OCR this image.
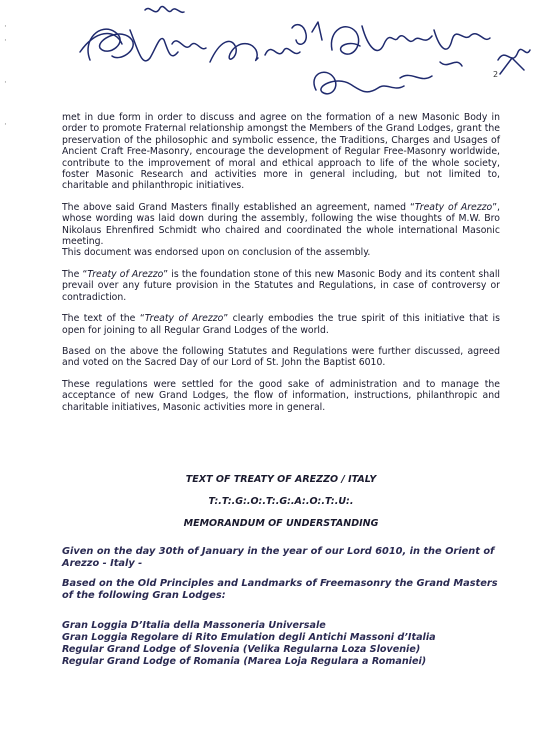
2
·
·

·

·

met in due form in order to discuss and agree on the formation of a new Masonic Body in order to promote Fraternal relationship amongst the Members of the Grand Lodges, grant the preservation of the philosophic and symbolic essence, the Traditions, Charges and Usages of Ancient Craft Free-Masonry, encourage the development of Regular Free-Masonry worldwide, contribute to the improvement of moral and ethical approach to life of the whole society, foster Masonic Research and activities more in general including, but not limited to, charitable and philanthropic initiatives.

The above said Grand Masters finally established an agreement, named “Treaty of Arezzo”, whose wording was laid down during the assembly, following the wise thoughts of M.W. Bro Nikolaus Ehrenfired Schmidt who chaired and coordinated the whole international Masonic meeting.

This document was endorsed upon on conclusion of the assembly.

The “Treaty of Arezzo” is the foundation stone of this new Masonic Body and its content shall prevail over any future provision in the Statutes and Regulations, in case of controversy or contradiction.

The text of the “Treaty of Arezzo” clearly embodies the true spirit of this initiative that is open for joining to all Regular Grand Lodges of the world.

Based on the above the following Statutes and Regulations were further discussed, agreed and voted on the Sacred Day of our Lord of St. John the Baptist 6010.

These regulations were settled for the good sake of administration and to manage the acceptance of new Grand Lodges, the flow of information, instructions, philanthropic and charitable initiatives, Masonic activities more in general.

TEXT OF TREATY OF AREZZO / ITALY
T:.T:.G:.O:.T:.G:.A:.O:.T:.U:.
MEMORANDUM OF UNDERSTANDING

Given on the day 30th of January in the year of our Lord 6010, in the Orient of Arezzo - Italy -

Based on the Old Principles and Landmarks of Freemasonry the Grand Masters of the following Gran Lodges:

Gran Loggia D’Italia della Massoneria Universale
Gran Loggia Regolare di Rito Emulation degli Antichi Massoni d’Italia
Regular Grand Lodge of Slovenia (Velika Regularna Loza Slovenie)
Regular Grand Lodge of Romania (Marea Loja Regulara a Romaniei)
